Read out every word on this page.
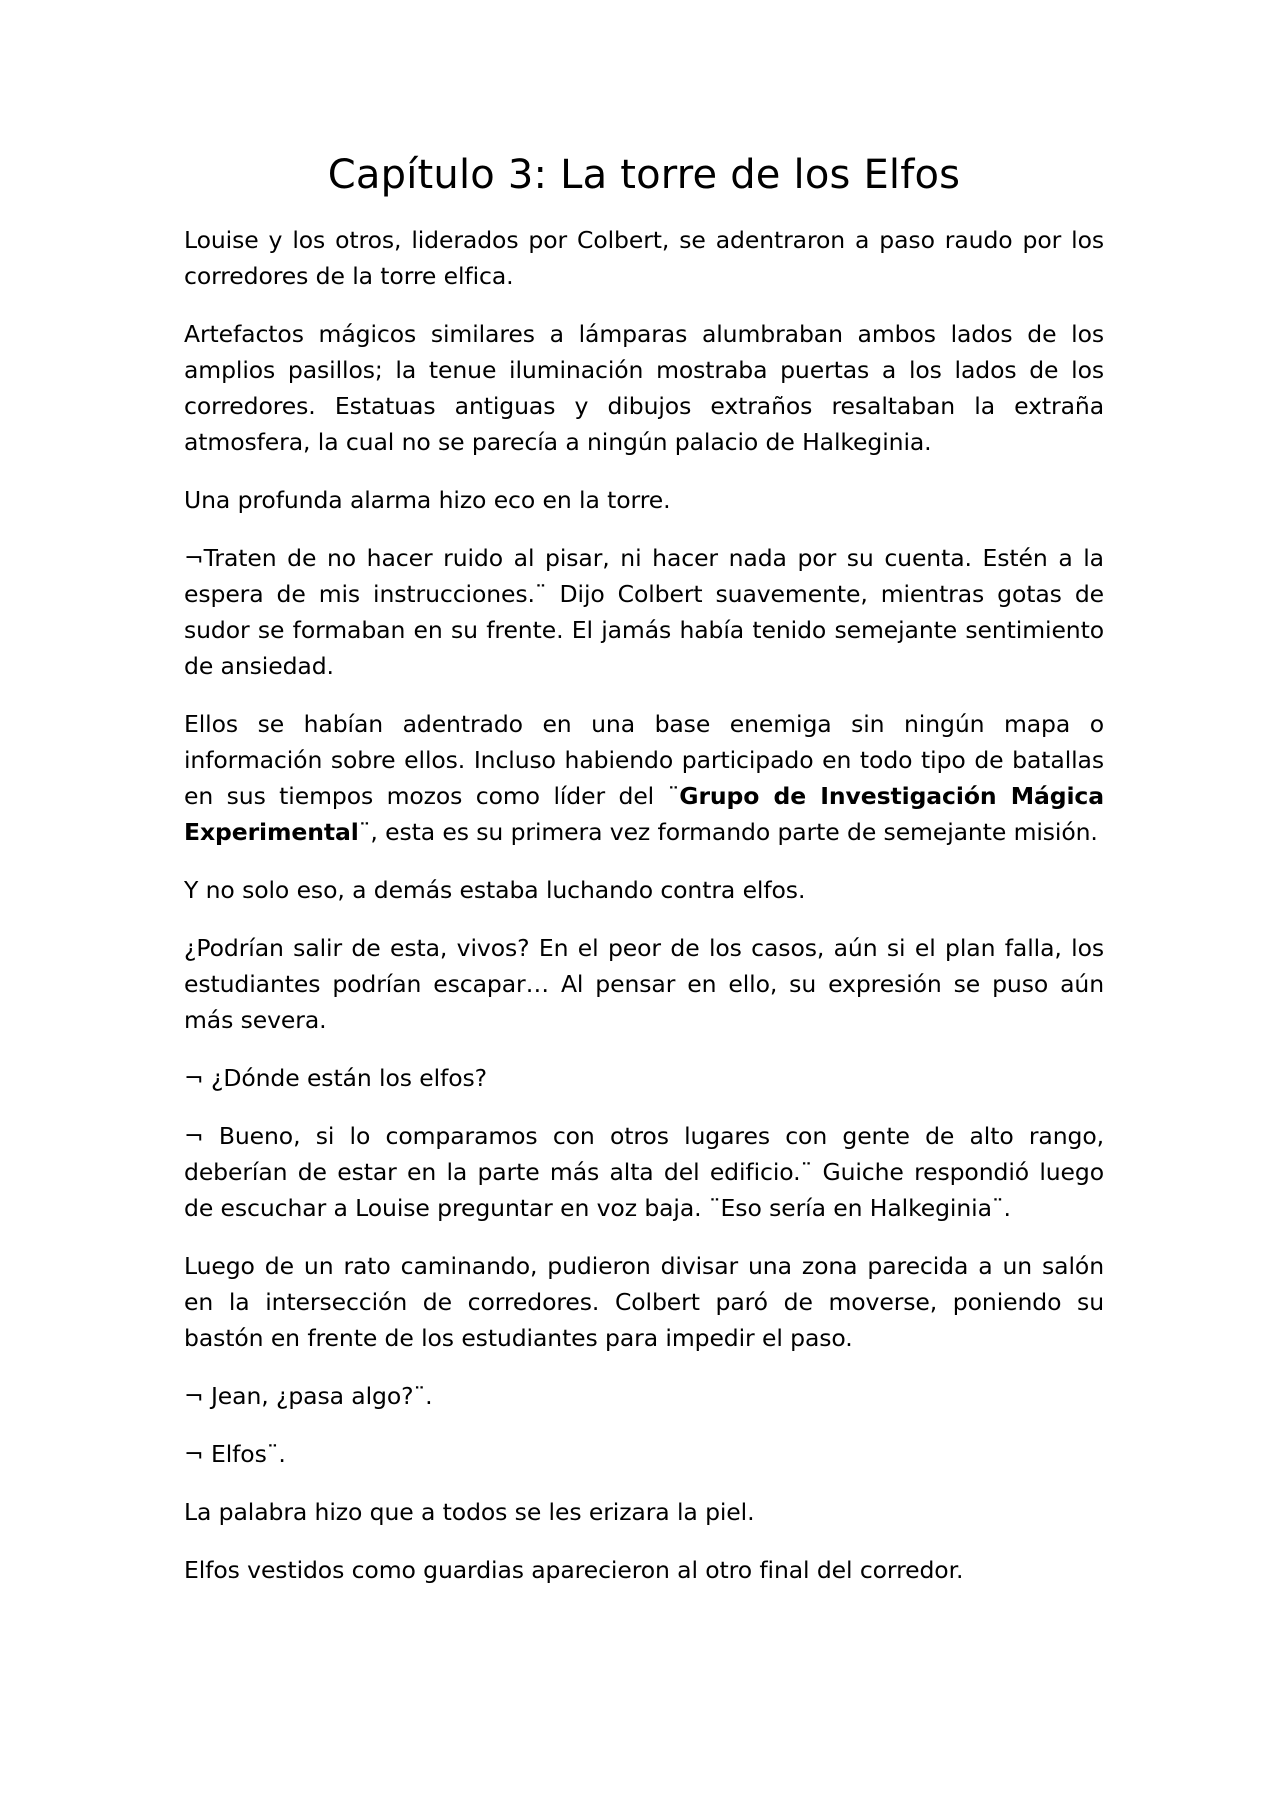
Capítulo 3: La torre de los Elfos

Louise y los otros, liderados por Colbert, se adentraron a paso raudo por los corredores de la torre elfica.

Artefactos mágicos similares a lámparas alumbraban ambos lados de los amplios pasillos; la tenue iluminación mostraba puertas a los lados de los corredores. Estatuas antiguas y dibujos extraños resaltaban la extraña atmosfera, la cual no se parecía a ningún palacio de Halkeginia.

Una profunda alarma hizo eco en la torre.

¬Traten de no hacer ruido al pisar, ni hacer nada por su cuenta. Estén a la espera de mis instrucciones.¨ Dijo Colbert suavemente, mientras gotas de sudor se formaban en su frente. El jamás había tenido semejante sentimiento de ansiedad.

Ellos se habían adentrado en una base enemiga sin ningún mapa o información sobre ellos. Incluso habiendo participado en todo tipo de batallas en sus tiempos mozos como líder del ¨Grupo de Investigación Mágica Experimental¨, esta es su primera vez formando parte de semejante misión.

Y no solo eso, a demás estaba luchando contra elfos.

¿Podrían salir de esta, vivos? En el peor de los casos, aún si el plan falla, los estudiantes podrían escapar… Al pensar en ello, su expresión se puso aún más severa.

¬ ¿Dónde están los elfos?

¬ Bueno, si lo comparamos con otros lugares con gente de alto rango, deberían de estar en la parte más alta del edificio.¨ Guiche respondió luego de escuchar a Louise preguntar en voz baja. ¨Eso sería en Halkeginia¨.

Luego de un rato caminando, pudieron divisar una zona parecida a un salón en la intersección de corredores. Colbert paró de moverse, poniendo su bastón en frente de los estudiantes para impedir el paso.

¬ Jean, ¿pasa algo?¨.

¬ Elfos¨.

La palabra hizo que a todos se les erizara la piel.

Elfos vestidos como guardias aparecieron al otro final del corredor.
